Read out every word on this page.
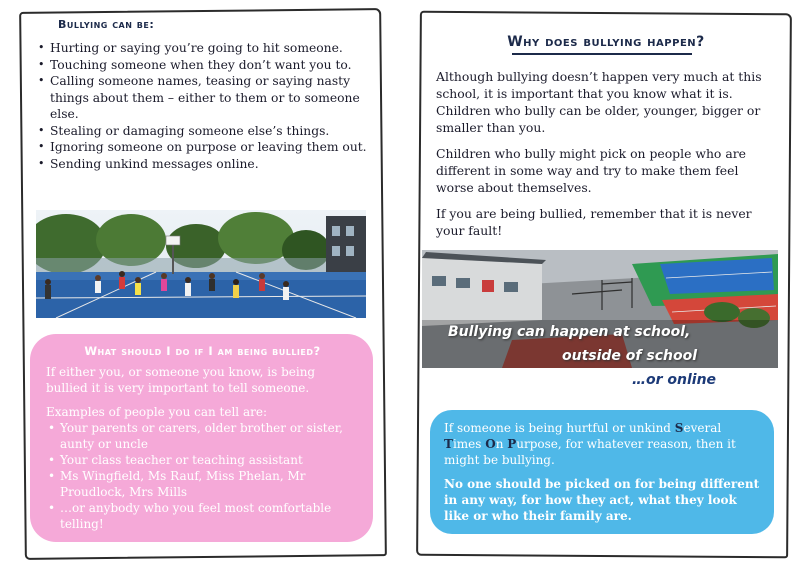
Bullying can be:
• Hurting or saying you’re going to hit someone.
• Touching someone when they don’t want you to.
• Calling someone names, teasing or saying nasty things about them – either to them or to someone else.
• Stealing or damaging someone else’s things.
• Ignoring someone on purpose or leaving them out.
• Sending unkind messages online.
What should I do if I am being bullied?

If either you, or someone you know, is being bullied it is very important to tell someone.

Examples of people you can tell are:

• Your parents or carers, older brother or sister, aunty or uncle
• Your class teacher or teaching assistant
• Ms Wingfield, Ms Rauf, Miss Phelan, Mr Proudlock, Mrs Mills
• …or anybody who you feel most comfortable telling!
Why does bullying happen?

Although bullying doesn’t happen very much at this school, it is important that you know what it is. Children who bully can be older, younger, bigger or smaller than you.

Children who bully might pick on people who are different in some way and try to make them feel worse about themselves.

If you are being bullied, remember that it is never your fault!

Bullying can happen at school,
outside of school
…or online

If someone is being hurtful or unkind Several Times On Purpose, for whatever reason, then it might be bullying.

No one should be picked on for being different in any way, for how they act, what they look like or who their family are.
